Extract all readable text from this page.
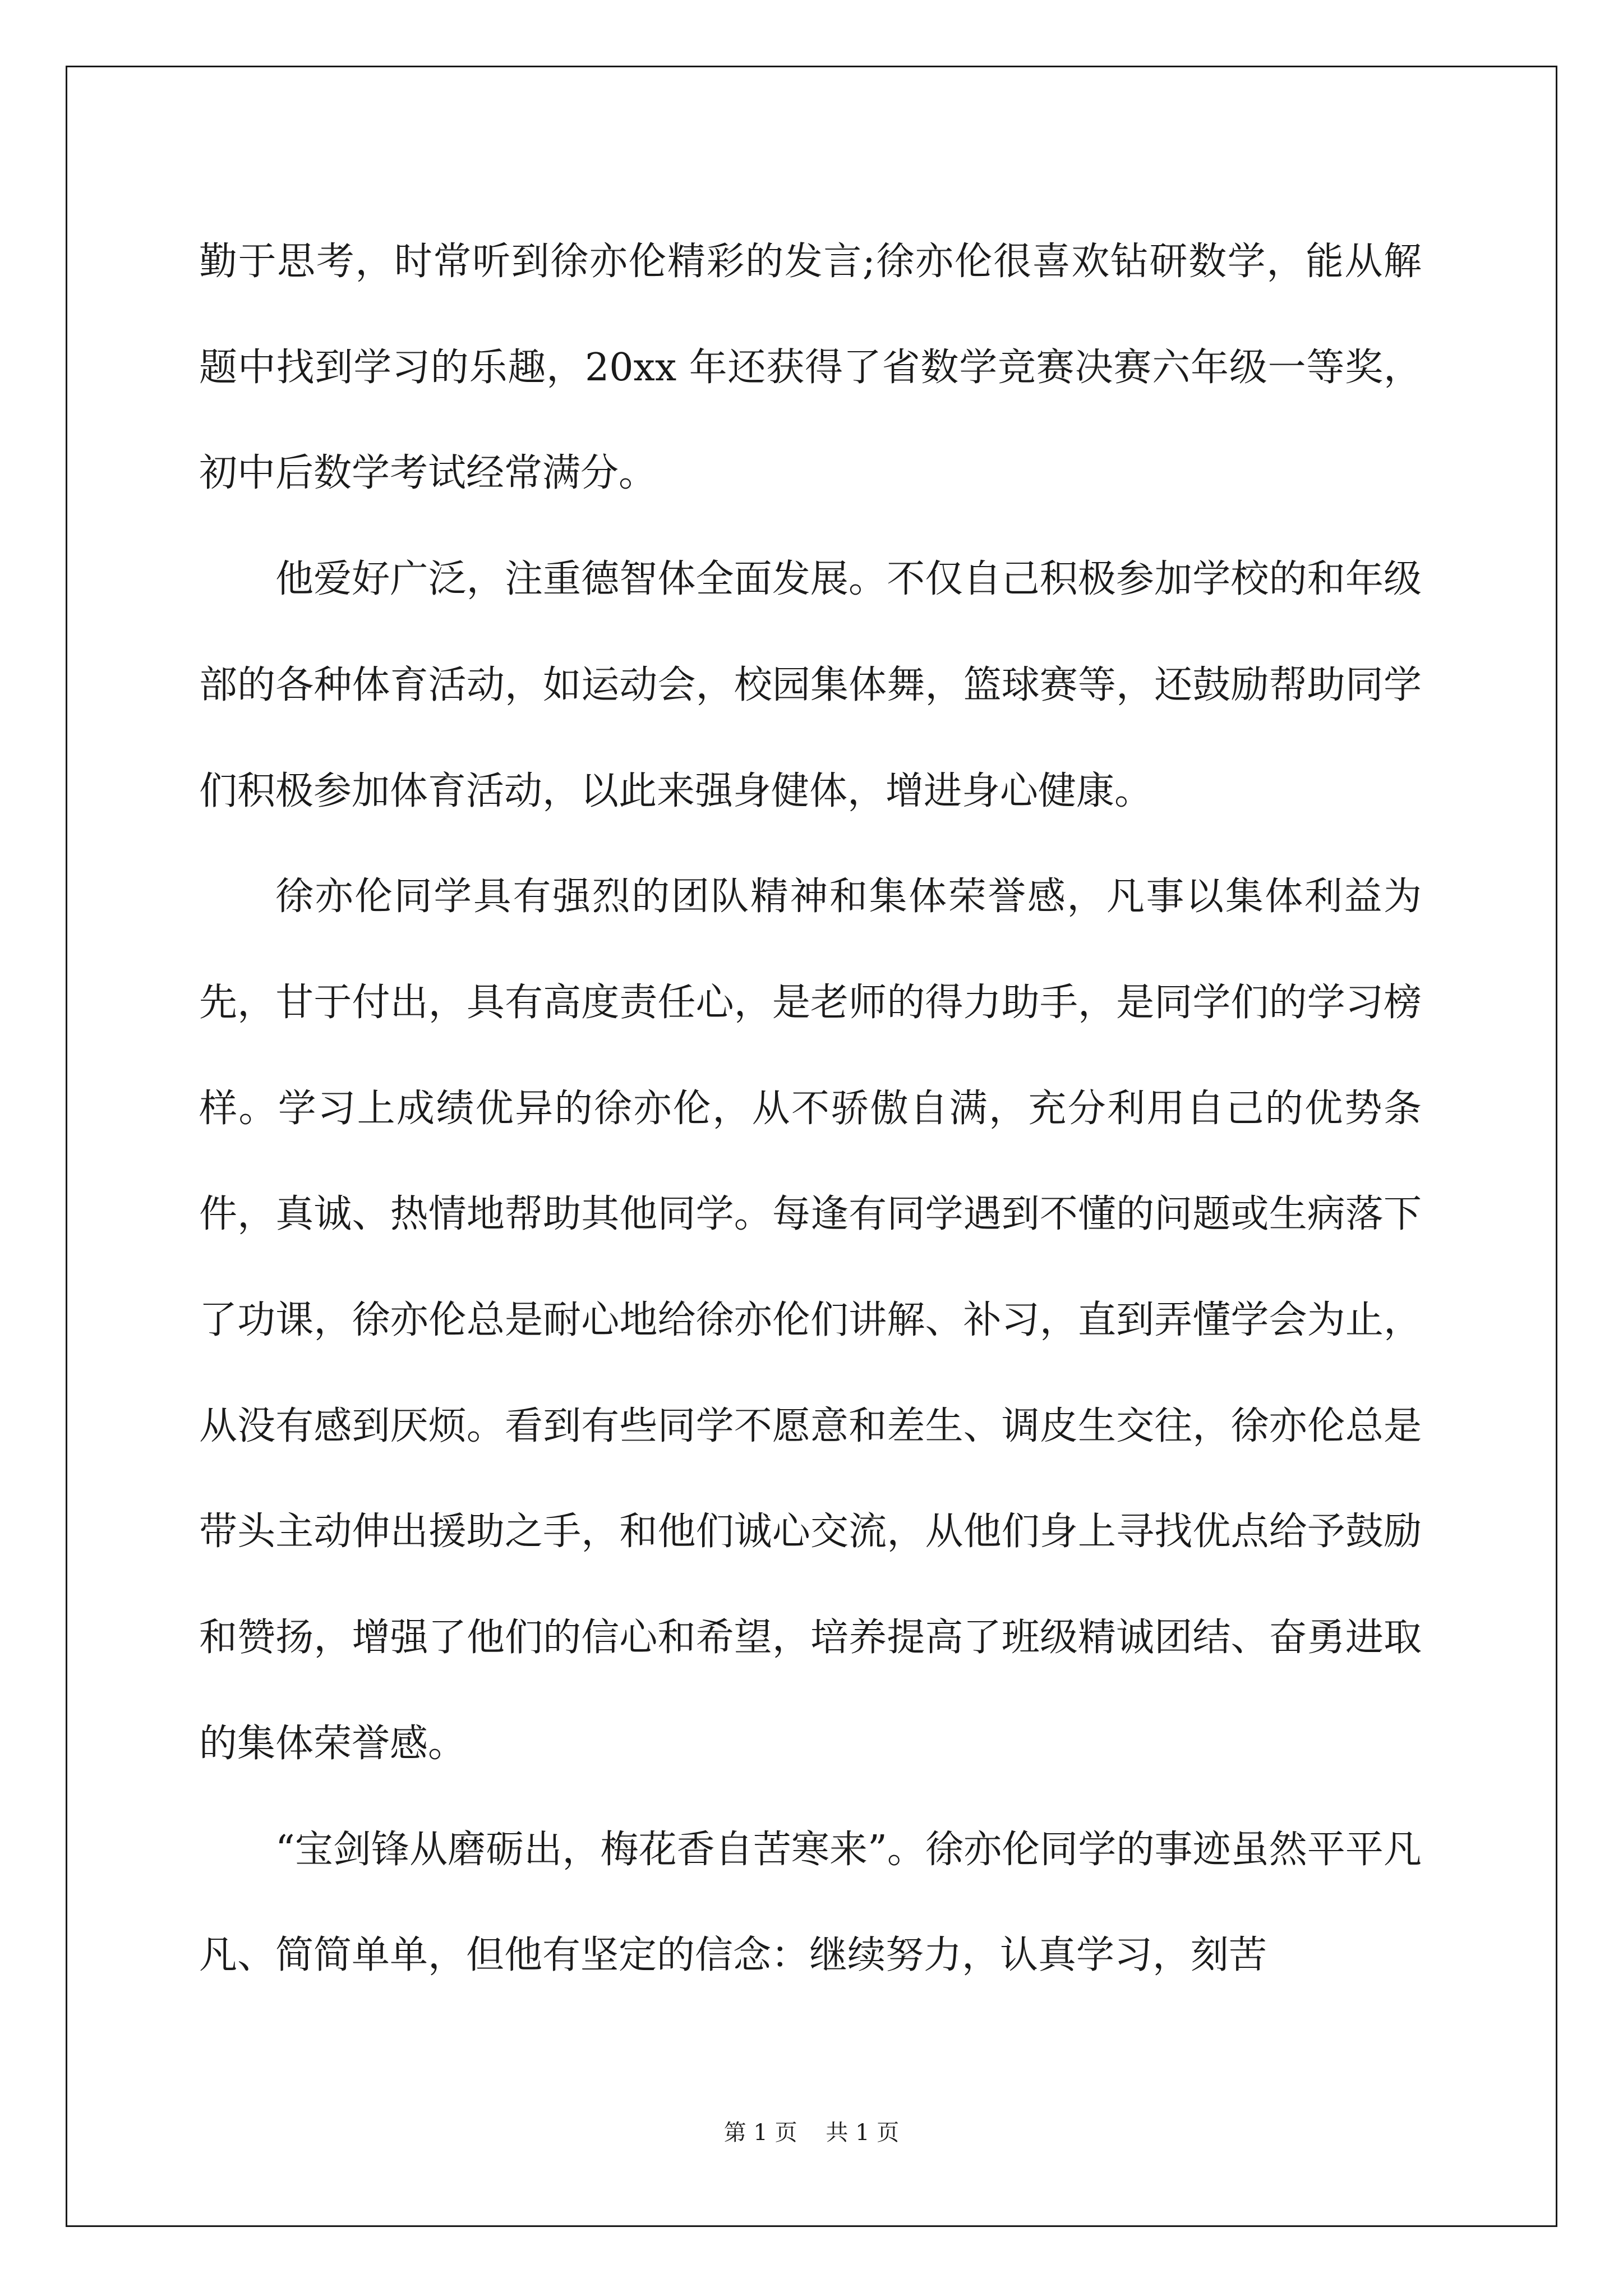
勤于思考，时常听到徐亦伦精彩的发言;徐亦伦很喜欢钻研数学，能从解题中找到学习的乐趣，20xx 年还获得了省数学竞赛决赛六年级一等奖，初中后数学考试经常满分。

他爱好广泛，注重德智体全面发展。不仅自己积极参加学校的和年级部的各种体育活动，如运动会，校园集体舞，篮球赛等，还鼓励帮助同学们积极参加体育活动，以此来强身健体，增进身心健康。

徐亦伦同学具有强烈的团队精神和集体荣誉感，凡事以集体利益为先，甘于付出，具有高度责任心，是老师的得力助手，是同学们的学习榜样。学习上成绩优异的徐亦伦，从不骄傲自满，充分利用自己的优势条件，真诚、热情地帮助其他同学。每逢有同学遇到不懂的问题或生病落下了功课，徐亦伦总是耐心地给徐亦伦们讲解、补习，直到弄懂学会为止，从没有感到厌烦。看到有些同学不愿意和差生、调皮生交往，徐亦伦总是带头主动伸出援助之手，和他们诚心交流，从他们身上寻找优点给予鼓励和赞扬，增强了他们的信心和希望，培养提高了班级精诚团结、奋勇进取的集体荣誉感。

“宝剑锋从磨砺出，梅花香自苦寒来”。徐亦伦同学的事迹虽然平平凡凡、简简单单，但他有坚定的信念：继续努力，认真学习，刻苦

第 1 页    共 1 页
